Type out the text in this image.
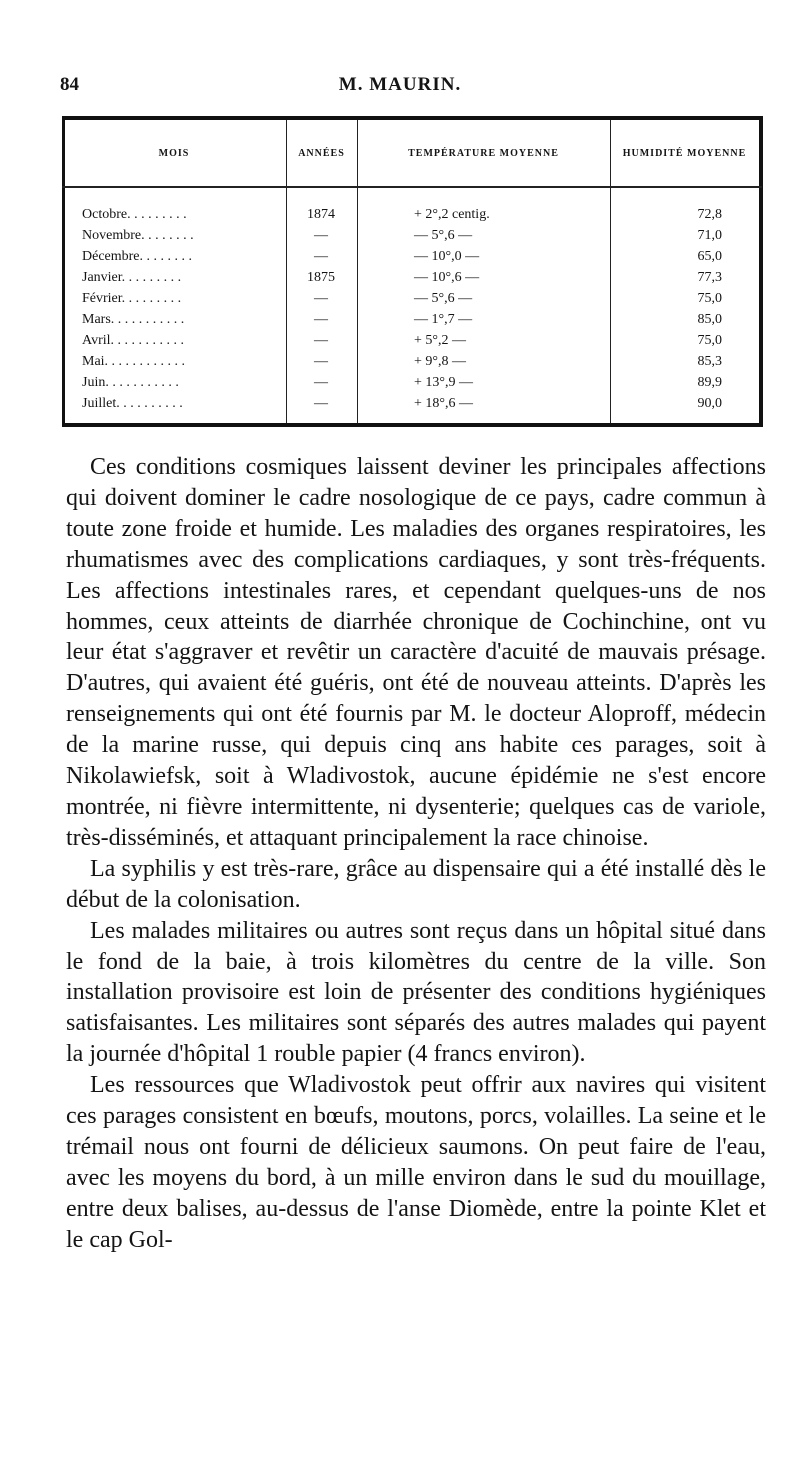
84	M. MAURIN.
MOIS	ANNÉES	TEMPÉRATURE MOYENNE	HUMIDITÉ MOYENNE
Octobre. . . . . . . . .	1874	+ 2°,2 centig.	72,8
Novembre. . . . . . . .	—	— 5°,6 —	71,0
Décembre. . . . . . . .	—	— 10°,0 —	65,0
Janvier. . . . . . . . .	1875	— 10°,6 —	77,3
Février. . . . . . . . .	—	— 5°,6 —	75,0
Mars. . . . . . . . . . .	—	— 1°,7 —	85,0
Avril. . . . . . . . . . .	—	+ 5°,2 —	75,0
Mai. . . . . . . . . . . .	—	+ 9°,8 —	85,3
Juin. . . . . . . . . . .	—	+ 13°,9 —	89,9
Juillet. . . . . . . . . .	—	+ 18°,6 —	90,0

Ces conditions cosmiques laissent deviner les principales affections qui doivent dominer le cadre nosologique de ce pays, cadre commun à toute zone froide et humide. Les maladies des organes respiratoires, les rhumatismes avec des complications cardiaques, y sont très-fréquents. Les affections intestinales rares, et cependant quelques-uns de nos hommes, ceux atteints de diarrhée chronique de Cochinchine, ont vu leur état s'aggraver et revêtir un caractère d'acuité de mauvais présage. D'autres, qui avaient été guéris, ont été de nouveau atteints. D'après les renseignements qui ont été fournis par M. le docteur Aloproff, médecin de la marine russe, qui depuis cinq ans habite ces parages, soit à Nikolawiefsk, soit à Wladivostok, aucune épidémie ne s'est encore montrée, ni fièvre intermittente, ni dysenterie; quelques cas de variole, très-disséminés, et attaquant principalement la race chinoise.

La syphilis y est très-rare, grâce au dispensaire qui a été installé dès le début de la colonisation.

Les malades militaires ou autres sont reçus dans un hôpital situé dans le fond de la baie, à trois kilomètres du centre de la ville. Son installation provisoire est loin de présenter des conditions hygiéniques satisfaisantes. Les militaires sont séparés des autres malades qui payent la journée d'hôpital 1 rouble papier (4 francs environ).

Les ressources que Wladivostok peut offrir aux navires qui visitent ces parages consistent en bœufs, moutons, porcs, volailles. La seine et le trémail nous ont fourni de délicieux saumons. On peut faire de l'eau, avec les moyens du bord, à un mille environ dans le sud du mouillage, entre deux balises, au-dessus de l'anse Diomède, entre la pointe Klet et le cap Gol-
